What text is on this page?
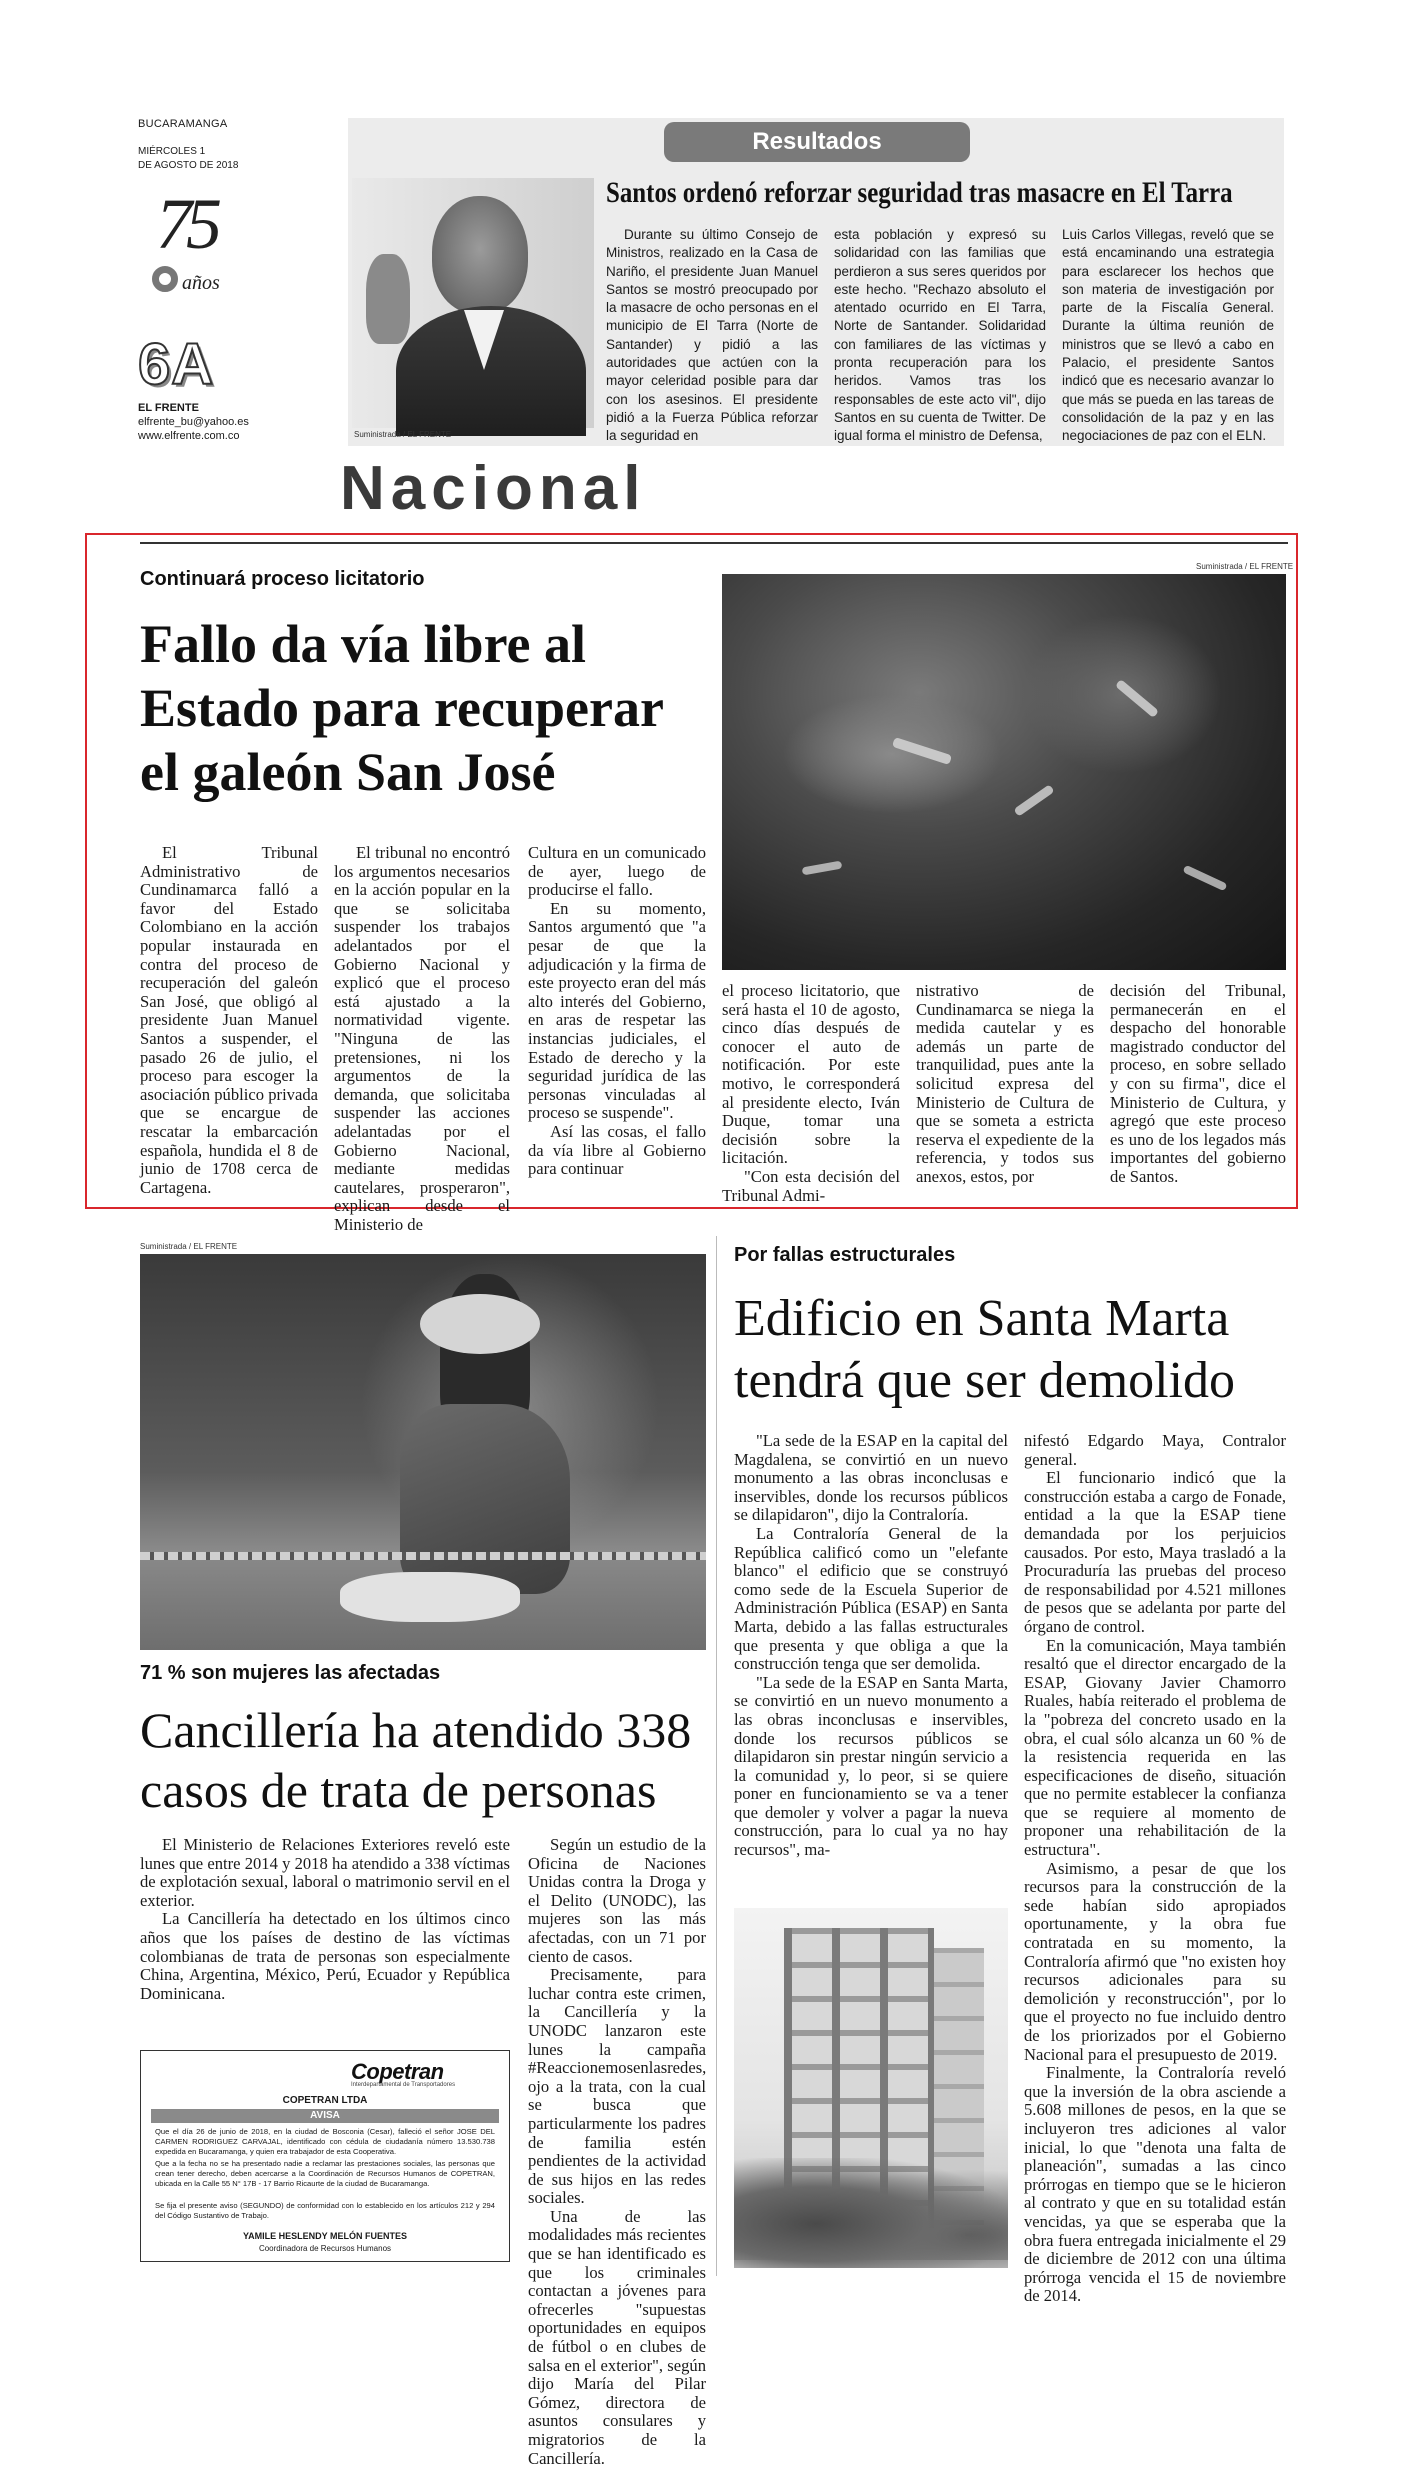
BUCARAMANGA
MIÉRCOLES 1
DE AGOSTO DE 2018
75
años
6A
EL FRENTE
elfrente_bu@yahoo.es
www.elfrente.com.co
Resultados
Suministrada / EL FRENTE
Santos ordenó reforzar seguridad tras masacre en El Tarra
Durante su último Consejo de Ministros, realizado en la Casa de Nariño, el presidente Juan Manuel Santos se mostró preocupado por la masacre de ocho personas en el municipio de El Tarra (Norte de Santander) y pidió a las autoridades que actúen con la mayor celeridad posible para dar con los asesinos. El presidente pidió a la Fuerza Pública reforzar la seguridad en
esta población y expresó su solidaridad con las familias que perdieron a sus seres queridos por este hecho. "Rechazo absoluto el atentado ocurrido en El Tarra, Norte de Santander. Solidaridad con familiares de las víctimas y pronta recuperación para los heridos. Vamos tras los responsables de este acto vil", dijo Santos en su cuenta de Twitter. De igual forma el ministro de Defensa,
Luis Carlos Villegas, reveló que se está encaminando una estrategia para esclarecer los hechos que son materia de investigación por parte de la Fiscalía General. Durante la última reunión de ministros que se llevó a cabo en Palacio, el presidente Santos indicó que es necesario avanzar lo que más se pueda en las tareas de consolidación de la paz y en las negociaciones de paz con el ELN.
Nacional
Continuará proceso licitatorio
Fallo da vía libre al
Estado para recuperar
el galeón San José
Suministrada / EL FRENTE

El Tribunal Administrativo de Cundinamarca falló a favor del Estado Colombiano en la acción popular instaurada en contra del proceso de recuperación del galeón San José, que obligó al presidente Juan Manuel Santos a suspender, el pasado 26 de julio, el proceso para escoger la asociación público privada que se encargue de rescatar la embarcación española, hundida el 8 de junio de 1708 cerca de Cartagena.

El tribunal no encontró los argumentos necesarios en la acción popular en la que se solicitaba suspender los trabajos adelantados por el Gobierno Nacional y explicó que el proceso está ajustado a la normatividad vigente. "Ninguna de las pretensiones, ni los argumentos de la demanda, que solicitaba suspender las acciones adelantadas por el Gobierno Nacional, mediante medidas cautelares, prosperaron", explican desde el Ministerio de

Cultura en un comunicado de ayer, luego de producirse el fallo.

En su momento, Santos argumentó que "a pesar de que la adjudicación y la firma de este proyecto eran del más alto interés del Gobierno, en aras de respetar las instancias judiciales, el Estado de derecho y la seguridad jurídica de las personas vinculadas al proceso se suspende".

Así las cosas, el fallo da vía libre al Gobierno para continuar

el proceso licitatorio, que será hasta el 10 de agosto, cinco días después de conocer el auto de notificación. Por este motivo, le corresponderá al presidente electo, Iván Duque, tomar una decisión sobre la licitación.

"Con esta decisión del Tribunal Admi-

nistrativo de Cundinamarca se niega la medida cautelar y es además un parte de tranquilidad, pues ante la solicitud expresa del Ministerio de Cultura de que se someta a estricta reserva el expediente de la referencia, y todos sus anexos, estos, por

decisión del Tribunal, permanecerán en el despacho del honorable magistrado conductor del proceso, en sobre sellado y con su firma", dice el Ministerio de Cultura, y agregó que este proceso es uno de los legados más importantes del gobierno de Santos.

Suministrada / EL FRENTE
71 % son mujeres las afectadas
Cancillería ha atendido 338
casos de trata de personas

El Ministerio de Relaciones Exteriores reveló este lunes que entre 2014 y 2018 ha atendido a 338 víctimas de explotación sexual, laboral o matrimonio servil en el exterior.

La Cancillería ha detectado en los últimos cinco años que los países de destino de las víctimas colombianas de trata de personas son especialmente China, Argentina, México, Perú, Ecuador y República Dominicana.

Según un estudio de la Oficina de Naciones Unidas contra la Droga y el Delito (UNODC), las mujeres son las más afectadas, con un 71 por ciento de casos.

Precisamente, para luchar contra este crimen, la Cancillería y la UNODC lanzaron este lunes la campaña #Reaccionemosenlasredes, ojo a la trata, con la cual se busca que particularmente los padres de familia estén pendientes de la actividad de sus hijos en las redes sociales.

Una de las modalidades más recientes que se han identificado es que los criminales contactan a jóvenes para ofrecerles "supuestas oportunidades en equipos de fútbol o en clubes de salsa en el exterior", según dijo María del Pilar Gómez, directora de asuntos consulares y migratorios de la Cancillería.

Copetran
Interdepartamental de Transportadores
COPETRAN LTDA
AVISA
Que el día 26 de junio de 2018, en la ciudad de Bosconia (Cesar), falleció el señor JOSE DEL CARMEN RODRIGUEZ CARVAJAL, identificado con cédula de ciudadanía número 13.530.738 expedida en Bucaramanga, y quien era trabajador de esta Cooperativa.
Que a la fecha no se ha presentado nadie a reclamar las prestaciones sociales, las personas que crean tener derecho, deben acercarse a la Coordinación de Recursos Humanos de COPETRAN, ubicada en la Calle 55 N° 17B - 17 Barrio Ricaurte de la ciudad de Bucaramanga.
Se fija el presente aviso (SEGUNDO) de conformidad con lo establecido en los artículos 212 y 294 del Código Sustantivo de Trabajo.
YAMILE HESLENDY MELÓN FUENTES
Coordinadora de Recursos Humanos
Por fallas estructurales
Edificio en Santa Marta
tendrá que ser demolido

"La sede de la ESAP en la capital del Magdalena, se convirtió en un nuevo monumento a las obras inconclusas e inservibles, donde los recursos públicos se dilapidaron", dijo la Contraloría.

La Contraloría General de la República calificó como un "elefante blanco" el edificio que se construyó como sede de la Escuela Superior de Administración Pública (ESAP) en Santa Marta, debido a las fallas estructurales que presenta y que obliga a que la construcción tenga que ser demolida.

"La sede de la ESAP en Santa Marta, se convirtió en un nuevo monumento a las obras inconclusas e inservibles, donde los recursos públicos se dilapidaron sin prestar ningún servicio a la comunidad y, lo peor, si se quiere poner en funcionamiento se va a tener que demoler y volver a pagar la nueva construcción, para lo cual ya no hay recursos", ma-

nifestó Edgardo Maya, Contralor general.

El funcionario indicó que la construcción estaba a cargo de Fonade, entidad a la que la ESAP tiene demandada por los perjuicios causados. Por esto, Maya trasladó a la Procuraduría las pruebas del proceso de responsabilidad por 4.521 millones de pesos que se adelanta por parte del órgano de control.

En la comunicación, Maya también resaltó que el director encargado de la ESAP, Giovany Javier Chamorro Ruales, había reiterado el problema de la "pobreza del concreto usado en la obra, el cual sólo alcanza un 60 % de la resistencia requerida en las especificaciones de diseño, situación que no permite establecer la confianza que se requiere al momento de proponer una rehabilitación de la estructura".

Asimismo, a pesar de que los recursos para la construcción de la sede habían sido apropiados oportunamente, y la obra fue contratada en su momento, la Contraloría afirmó que "no existen hoy recursos adicionales para su demolición y reconstrucción", por lo que el proyecto no fue incluido dentro de los priorizados por el Gobierno Nacional para el presupuesto de 2019.

Finalmente, la Contraloría reveló que la inversión de la obra asciende a 5.608 millones de pesos, en la que se incluyeron tres adiciones al valor inicial, lo que "denota una falta de planeación", sumadas a las cinco prórrogas en tiempo que se le hicieron al contrato y que en su totalidad están vencidas, ya que se esperaba que la obra fuera entregada inicialmente el 29 de diciembre de 2012 con una última prórroga vencida el 15 de noviembre de 2014.
